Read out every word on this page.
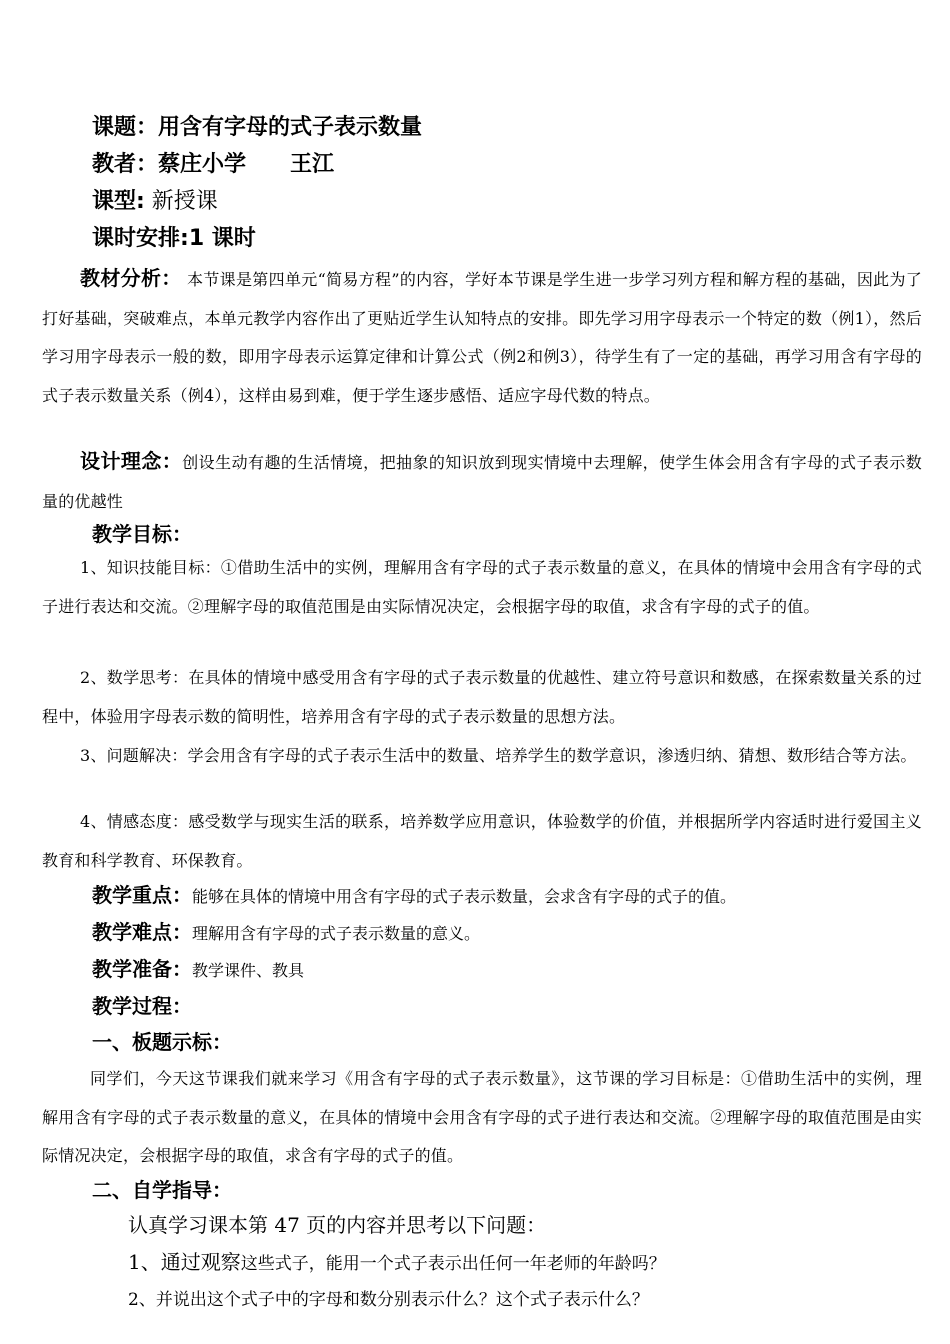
课题：用含有字母的式子表示数量
教者：蔡庄小学　　王江
课型: 新授课
课时安排:1 课时
教材分析： 本节课是第四单元“简易方程”的内容，学好本节课是学生进一步学习列方程和解方程的基础，因此为了打好基础，突破难点，本单元教学内容作出了更贴近学生认知特点的安排。即先学习用字母表示一个特定的数（例1），然后学习用字母表示一般的数，即用字母表示运算定律和计算公式（例2和例3），待学生有了一定的基础，再学习用含有字母的式子表示数量关系（例4），这样由易到难，便于学生逐步感悟、适应字母代数的特点。
设计理念：创设生动有趣的生活情境，把抽象的知识放到现实情境中去理解，使学生体会用含有字母的式子表示数量的优越性
教学目标：
1、知识技能目标：①借助生活中的实例，理解用含有字母的式子表示数量的意义，在具体的情境中会用含有字母的式子进行表达和交流。②理解字母的取值范围是由实际情况决定，会根据字母的取值，求含有字母的式子的值。
2、数学思考：在具体的情境中感受用含有字母的式子表示数量的优越性、建立符号意识和数感，在探索数量关系的过程中，体验用字母表示数的简明性，培养用含有字母的式子表示数量的思想方法。
3、问题解决：学会用含有字母的式子表示生活中的数量、培养学生的数学意识，渗透归纳、猜想、数形结合等方法。
4、情感态度：感受数学与现实生活的联系，培养数学应用意识，体验数学的价值，并根据所学内容适时进行爱国主义教育和科学教育、环保教育。
教学重点：能够在具体的情境中用含有字母的式子表示数量，会求含有字母的式子的值。
教学难点：理解用含有字母的式子表示数量的意义。
教学准备：教学课件、教具
教学过程：
一、板题示标：
同学们，今天这节课我们就来学习《用含有字母的式子表示数量》，这节课的学习目标是：①借助生活中的实例，理解用含有字母的式子表示数量的意义，在具体的情境中会用含有字母的式子进行表达和交流。②理解字母的取值范围是由实际情况决定，会根据字母的取值，求含有字母的式子的值。
二、自学指导：
认真学习课本第 47 页的内容并思考以下问题：
1、通过观察这些式子，能用一个式子表示出任何一年老师的年龄吗？
2、并说出这个式子中的字母和数分别表示什么？这个式子表示什么？
